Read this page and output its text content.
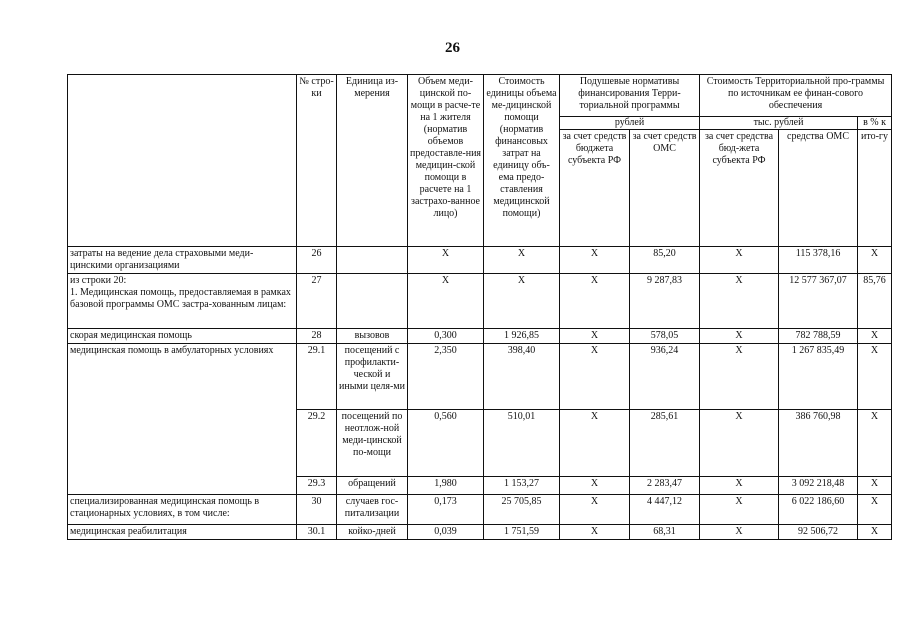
26
	№ стро-ки	Единица из-мерения	Объем меди-цинской по-мощи в расче-те на 1 жителя (норматив объемов предоставле-ния медицин-ской помощи в расчете на 1 застрахо-ванное лицо)	Стоимость единицы объема ме-дицинской помощи (норматив финансовых затрат на единицу объ-ема предо-ставления медицинской помощи)	Подушевые нормативы финансирования Терри-ториальной программы		Стоимость Территориальной про-граммы по источникам ее финан-сового обеспечения		
					рублей		тыс. рублей		в % к
					за счет средств бюджета субъекта РФ	за счет средств ОМС	за счет средства бюд-жета субъекта РФ	средства ОМС	ито-гу
затраты на ведение дела страховыми меди-цинскими организациями	26		X	X	X	85,20	X	115 378,16	X
из строки 20:
1. Медицинская помощь, предоставляемая в рамках базовой программы ОМС застра-хованным лицам:	27		X	X	X	9 287,83	X	12 577 367,07	85,76
скорая медицинская помощь	28	вызовов	0,300	1 926,85	X	578,05	X	782 788,59	X
медицинская помощь в амбулаторных условиях	29.1	посещений с профилакти-ческой и иными целя-ми	2,350	398,40	X	936,24	X	1 267 835,49	X
	29.2	посещений по неотлож-ной меди-цинской по-мощи	0,560	510,01	X	285,61	X	386 760,98	X
	29.3	обращений	1,980	1 153,27	X	2 283,47	X	3 092 218,48	X
специализированная медицинская помощь в стационарных условиях, в том числе:	30	случаев гос-питализации	0,173	25 705,85	X	4 447,12	X	6 022 186,60	X
медицинская реабилитация	30.1	койко-дней	0,039	1 751,59	X	68,31	X	92 506,72	X
